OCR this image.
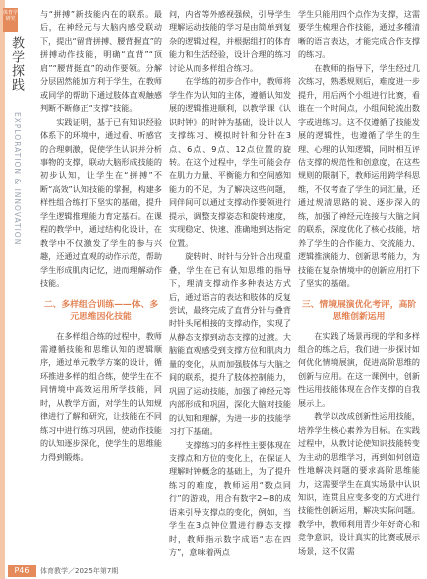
体育学研究
教学探践
EXPLORATION & INNOVATION

与“拼搏”新技能内在的联系。最后，在神经元与大脑内感受联动下，提出“留背拼搏、腰背握直”的拼搏动作技能，明确“直背”“顶肩”“腰背挺直”的动作要领。分解分层固然能加方利于学生，在教师或同学的帮助下通过肢体直观触感判断不断修正“支撑”技能。

实践证明，基于已有知识经验体系下的环境中，通过看、听感官的合理刺激，促使学生认识并分析事物的支撑，联动大脑形成技能的初步认知，让学生在“拼搏”不断“高效”认知技能的掌握，构建多样性组合练打下坚实的基础，提升学生逻辑推理能力育定基石。在课程的教学中，通过结构化设计，在教学中不仅激发了学生的参与兴趣，还通过直观的动作示范，帮助学生形成肌肉记忆，进而理解动作技能。

二、多样组合训练——体、多元思维因化技能

在多样组合练的过程中，教师需遵循技能和思维认知的逻辑顺序，通过单元教学方案的设计，循环推进多样的组合练，使学生在不同情境中高效运用所学技能，同时，从教学方面，对学生的认知规律进行了解和研究，让技能在不同练习中进行练习巩固，使动作技能的认知逐步深化，使学生的思维能力得到锻炼。

问，内省等外感视强候，引导学生理解运动技能的学习是由简单到复杂的逻辑过程，并根据组打的体育能力和生活经验，设计合理的练习讨论从而多样组合练习。

在学练的初步合作中，教师将学生作为认知的主体，遵循认知发展的逻辑推进顺利，以教学课《认识时钟》的时钟为基础，设计以人支撑练习、模拟时针和分针在3点、6点、9点、12点位置的旋转。在这个过程中，学生可能会存在肌力力量、平衡能力和空间感知能力的不足，为了解决这些问题，同伴间可以通过支撑动作要领进行提示，调整支撑姿态和旋转速度，实现稳定、快速、准确地到达指定位置。

旋转时、时针与分针合出现重叠，学生在已有认知思维的指导下，理清支撑动作多种表达方式后，通过语言的表达和肢体的反复尝试，最终完成了直背分针与叠背时针头尾相接的支撑动作，实现了从静态支撑到动态支撑的过渡。大脑能直观感受到支撑方位和肌肉力量的变化，从而加强肢体与大脑之间的联系，提升了肢体控制能力，巩固了运动技能，加强了神经元等内部形成和巩固，深化大脑对技能的认知和理解，为进一步的技能学习打下基础。

支撑练习的多样性主要体现在支撑点和方位的变化上，在保证人理解时钟概念的基础上，为了提升练习的难度，教师运用“数点同行”的游戏，用合有数字2~8的成语来引导支撑点的变化，例如，当学生在3点钟位置进行静态支撑时，教师指示数字成语“志在四方”，意味着两点

学生只能用四个点作为支撑，这需要学生梳理合作技能，通过多種清晰的语言表达，才能完成合作支撑的练习。

在教师的指导下，学生经过几次练习，熟悉规则后，难度进一步提升，用后两个小组进行比赛，看谁在一个时间点，小组间轮流出数字或进练习。这不仅遵循了技能发展的逻辑性，也遵循了学生的生理、心理的认知逻辑，同时相互评估支撑的规范性和创意度，在这些规则的限制下，教师运用跨学科思维，不仅考查了学生的词汇量，还通过规清思路的说、逐步深入的练，加强了神经元连接与大脑之间的联系，深度优化了核心技能，培养了学生的合作能力、交流能力、逻辑推演能力、创新思考能力，为技能在复杂情境中的创新应用打下了坚实的基础。

三、情境展演优化考评，高阶思维创新运用

在实践了场景再现的学和多样组合的练之后，我们进一步探讨如何优化情境展演，促进高阶思维的创新与应用。在这一课例中，创新性运用技能体现在合作支撑的自我展示上。

教学以改成创新性运用技能，培养学生核心素养为目标。在实践过程中，从教讨论使知识技能转变为主动的思维学习，再到如何创造性地解决问题的要求高阶思维能力，这需要学生在真实场景中认识知识，连贯且应变多变的方式进行技能性创新运用，解决实际问题。教学中，教师利用青少年好奇心和竞争意识，设计真实的比赛或展示场景，这不仅需

P46	体育教学／2025年第7期
